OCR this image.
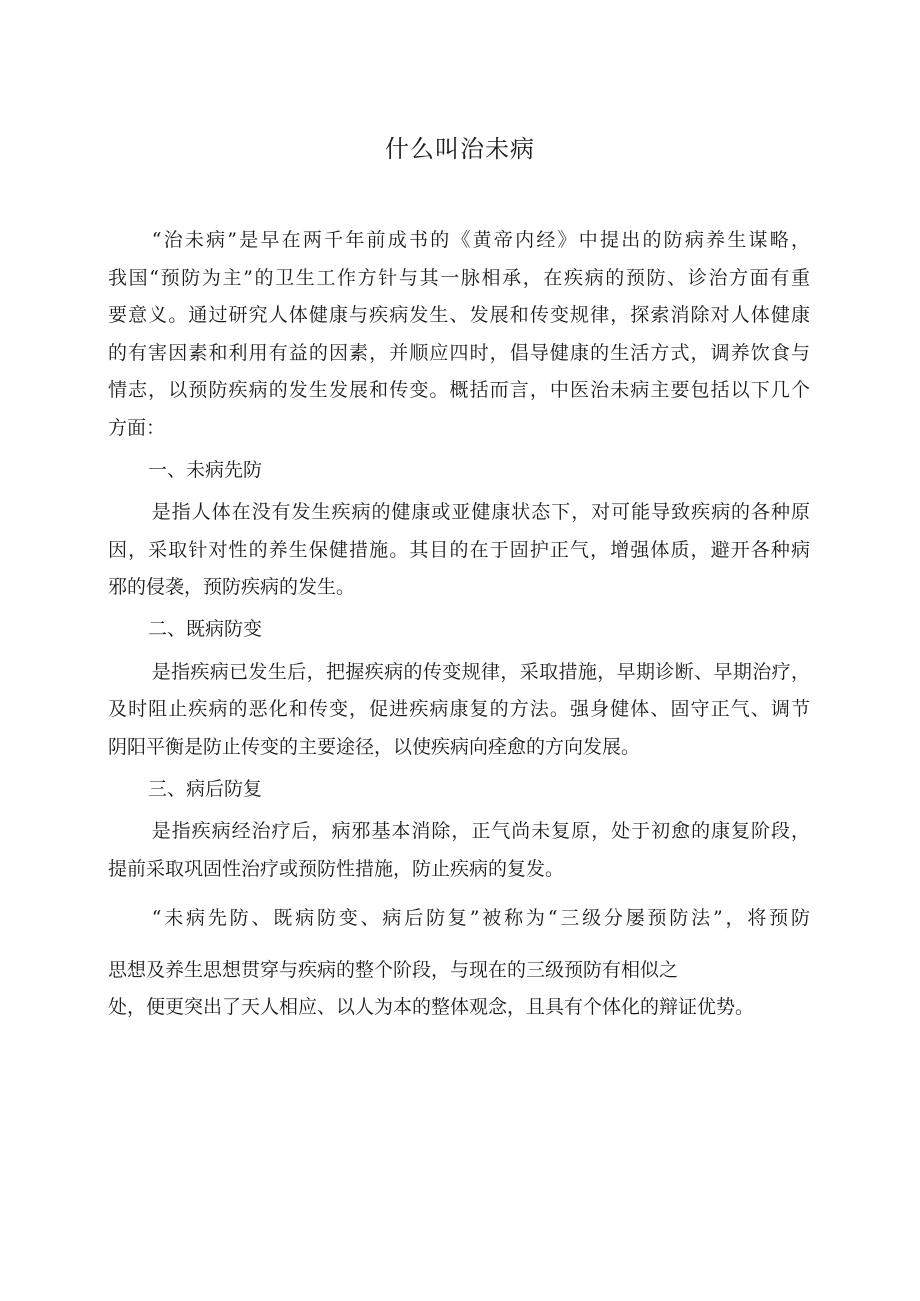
什么叫治未病
“治未病”是早在两千年前成书的《黄帝内经》中提出的防病养生谋略，
我国“预防为主”的卫生工作方针与其一脉相承，在疾病的预防、诊治方面有重
要意义。通过研究人体健康与疾病发生、发展和传变规律，探索消除对人体健康
的有害因素和利用有益的因素，并顺应四时，倡导健康的生活方式，调养饮食与
情志，以预防疾病的发生发展和传变。概括而言，中医治未病主要包括以下几个
方面：
一、未病先防
是指人体在没有发生疾病的健康或亚健康状态下，对可能导致疾病的各种原
因，采取针对性的养生保健措施。其目的在于固护正气，增强体质，避开各种病
邪的侵袭，预防疾病的发生。
二、既病防变
是指疾病已发生后，把握疾病的传变规律，采取措施，早期诊断、早期治疗，
及时阻止疾病的恶化和传变，促进疾病康复的方法。强身健体、固守正气、调节
阴阳平衡是防止传变的主要途径，以使疾病向痊愈的方向发展。
三、病后防复
是指疾病经治疗后，病邪基本消除，正气尚未复原，处于初愈的康复阶段，
提前采取巩固性治疗或预防性措施，防止疾病的复发。
“未病先防、既病防变、病后防复”被称为“三级分屡预防法”，将预防
思想及养生思想贯穿与疾病的整个阶段，与现在的三级预防有相似之
处，便更突出了天人相应、以人为本的整体观念，且具有个体化的辩证优势。
